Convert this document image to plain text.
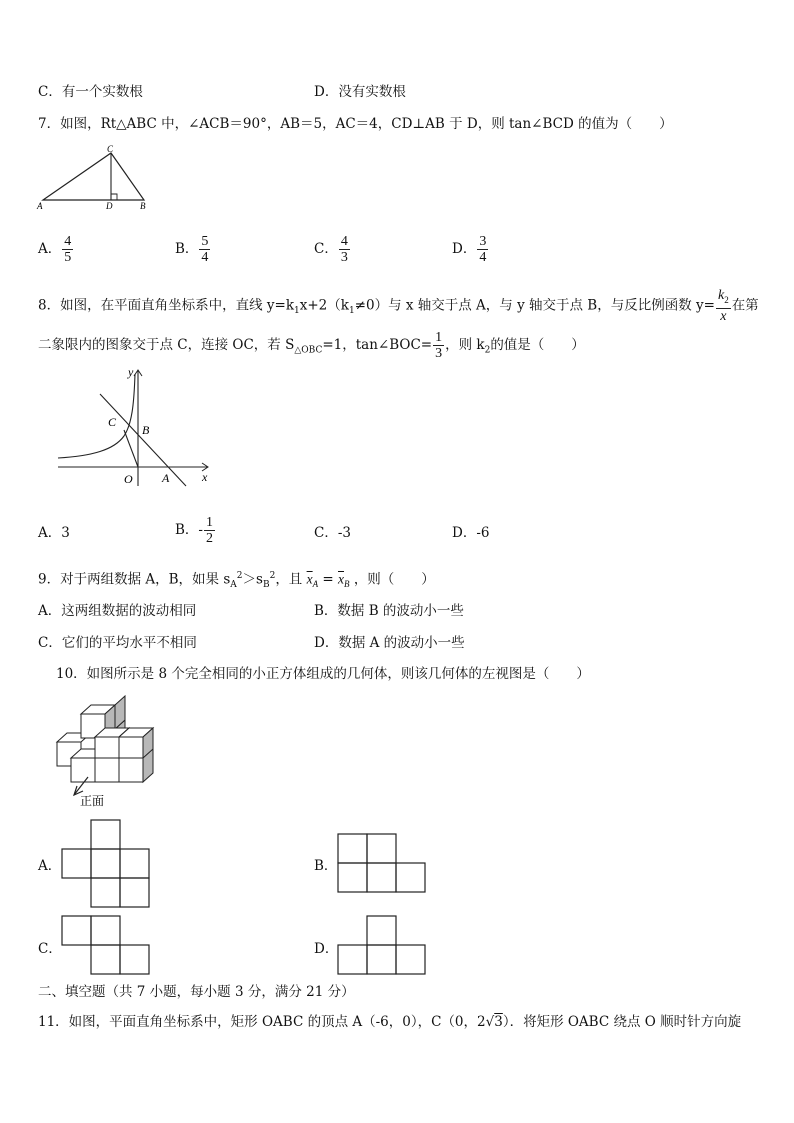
C．有一个实数根	D．没有实数根
7．如图，Rt△ABC 中，∠ACB＝90°，AB＝5，AC＝4，CD⊥AB 于 D，则 tan∠BCD 的值为（　　）
C
A	D	B
A． $\frac{4}{5}$	B． $\frac{5}{4}$	C． $\frac{4}{3}$	D． $\frac{3}{4}$
8．如图，在平面直角坐标系中，直线 $y=k_1x+2(k_1\ne 0)$与 x 轴交于点 A，与 y 轴交于点 B，与反比例函数 $y= \frac{k_2}{x}$ 在第
二象限内的图象交于点 C，连接 OC，若 $S_{\triangle OBC}=1$，tan∠BOC= $\frac{1}{3}$ ，则 $k_2$的值是（　　）
y
x
C
B
O A
A．3	B．- $\frac{1}{2}$	C．-3	D．-6
9．对于两组数据 A，B，如果 $s_A^2>s_B^2$，且 $\overline{x}_A = \overline{x}_B$ ，则（　　）
A．这两组数据的波动相同	B．数据 B 的波动小一些
C．它们的平均水平不相同	D．数据 A 的波动小一些
10．如图所示是 8 个完全相同的小正方体组成的几何体，则该几何体的左视图是（　　）
正面
A．	B．
C．	D．
二、填空题（共 7 小题，每小题 3 分，满分 21 分）
11．如图，平面直角坐标系中，矩形 OABC 的顶点 A（-6，0），C（0，2√3）．将矩形 OABC 绕点 O 顺时针方向旋
